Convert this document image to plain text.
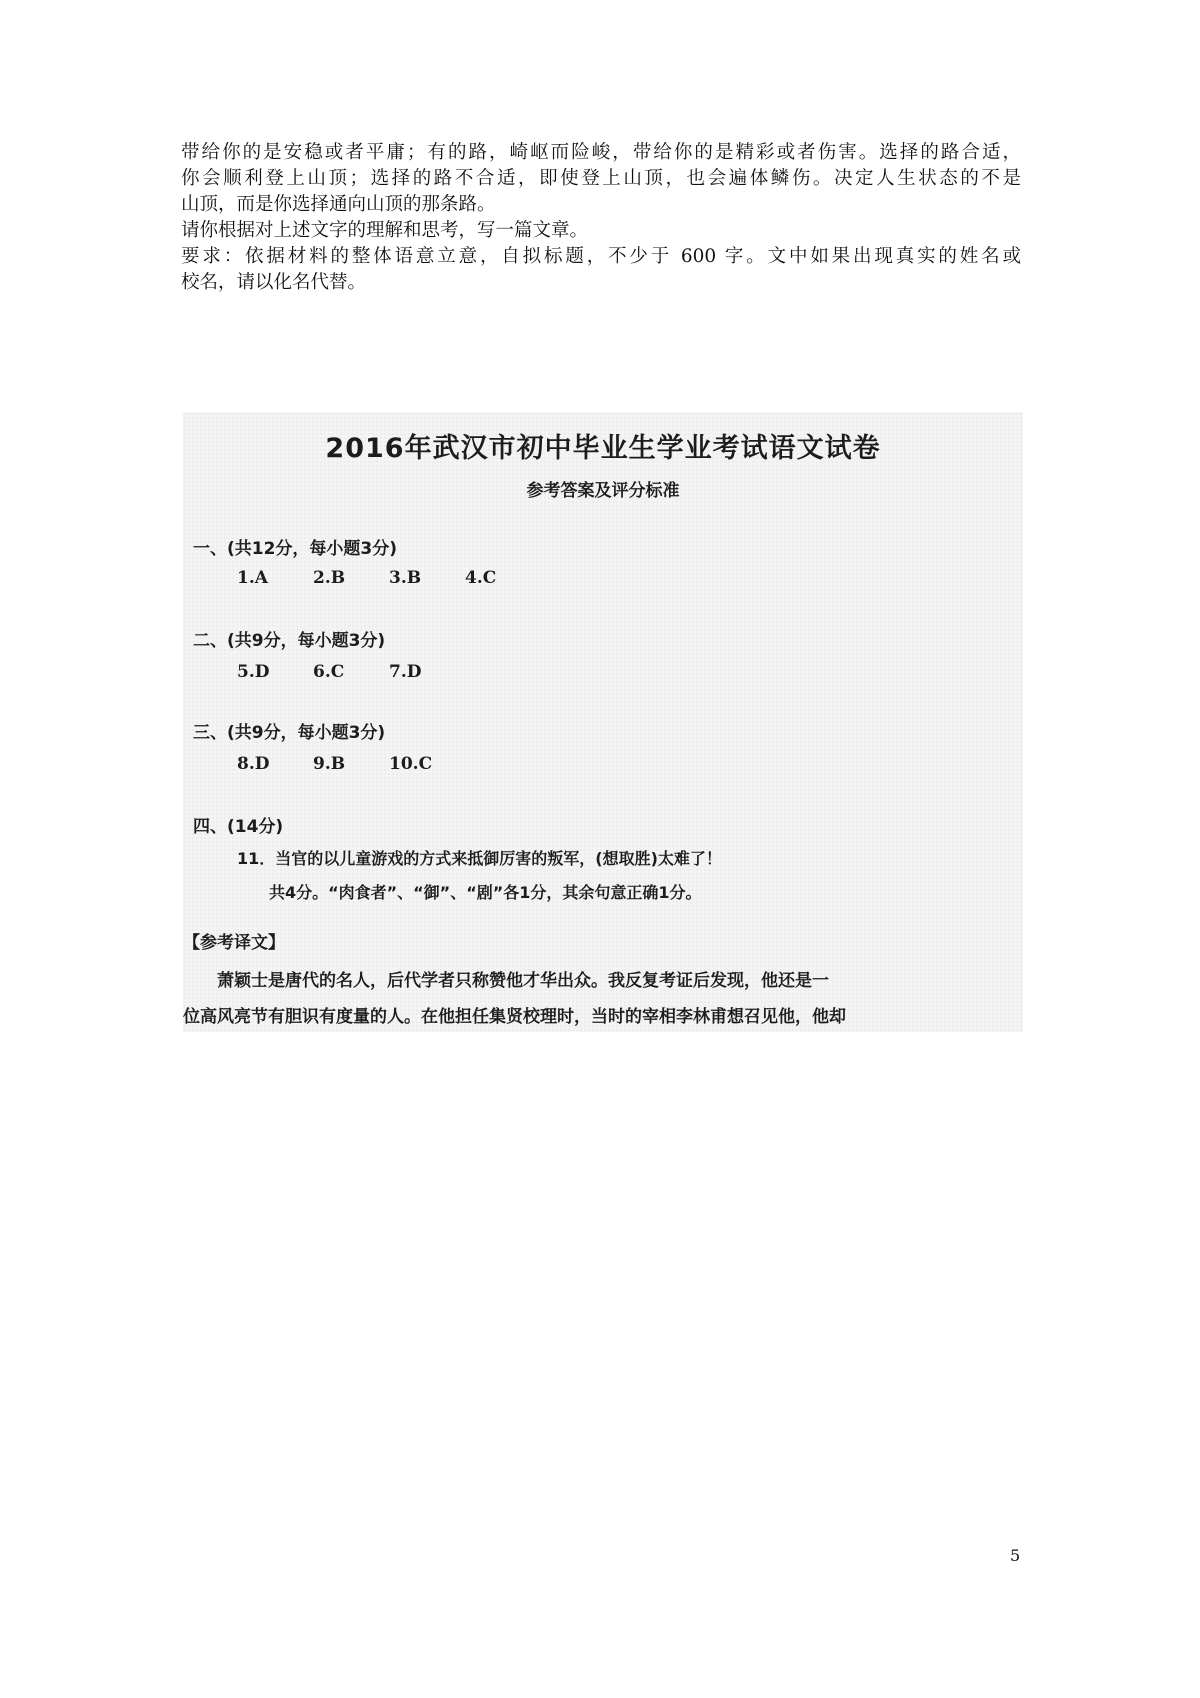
带给你的是安稳或者平庸；有的路，崎岖而险峻，带给你的是精彩或者伤害。选择的路合适，

你会顺利登上山顶；选择的路不合适，即使登上山顶，也会遍体鳞伤。决定人生状态的不是

山顶，而是你选择通向山顶的那条路。

请你根据对上述文字的理解和思考，写一篇文章。

要求：依据材料的整体语意立意，自拟标题，不少于 600 字。文中如果出现真实的姓名或

校名，请以化名代替。

2016年武汉市初中毕业生学业考试语文试卷
参考答案及评分标准
一、(共12分，每小题3分)
1.A	2.B	3.B	4.C
二、(共9分，每小题3分)
5.D	6.C	7.D
三、(共9分，每小题3分)
8.D	9.B	10.C
四、(14分)
11．当官的以儿童游戏的方式来抵御厉害的叛军，(想取胜)太难了！
共4分。“肉食者”、“御”、“剧”各1分，其余句意正确1分。
【参考译文】
萧颖士是唐代的名人，后代学者只称赞他才华出众。我反复考证后发现，他还是一
位高风亮节有胆识有度量的人。在他担任集贤校理时，当时的宰相李林甫想召见他，他却
5
